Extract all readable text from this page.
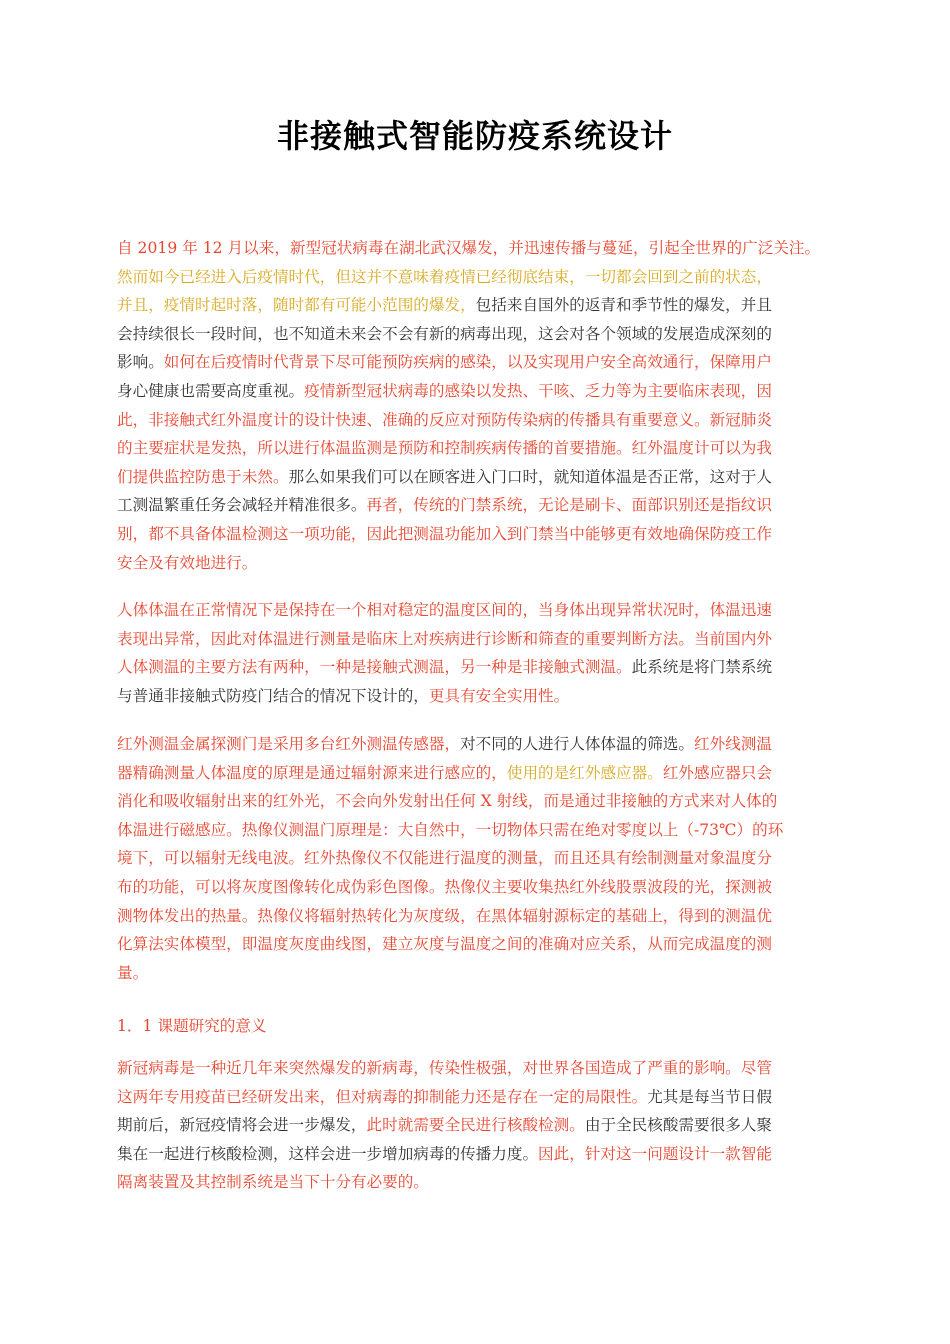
非接触式智能防疫系统设计
自 2019 年 12 月以来，新型冠状病毒在湖北武汉爆发，并迅速传播与蔓延，引起全世界的广泛关注。
然而如今已经进入后疫情时代，但这并不意味着疫情已经彻底结束，一切都会回到之前的状态，
并且，疫情时起时落，随时都有可能小范围的爆发，包括来自国外的返青和季节性的爆发，并且
会持续很长一段时间，也不知道未来会不会有新的病毒出现，这会对各个领域的发展造成深刻的
影响。如何在后疫情时代背景下尽可能预防疾病的感染，以及实现用户安全高效通行，保障用户
身心健康也需要高度重视。疫情新型冠状病毒的感染以发热、干咳、乏力等为主要临床表现，因
此，非接触式红外温度计的设计快速、准确的反应对预防传染病的传播具有重要意义。新冠肺炎
的主要症状是发热，所以进行体温监测是预防和控制疾病传播的首要措施。红外温度计可以为我
们提供监控防患于未然。那么如果我们可以在顾客进入门口时，就知道体温是否正常，这对于人
工测温繁重任务会减轻并精准很多。再者，传统的门禁系统，无论是刷卡、面部识别还是指纹识
别，都不具备体温检测这一项功能，因此把测温功能加入到门禁当中能够更有效地确保防疫工作
安全及有效地进行。
人体体温在正常情况下是保持在一个相对稳定的温度区间的，当身体出现异常状况时，体温迅速
表现出异常，因此对体温进行测量是临床上对疾病进行诊断和筛查的重要判断方法。当前国内外
人体测温的主要方法有两种，一种是接触式测温，另一种是非接触式测温。此系统是将门禁系统
与普通非接触式防疫门结合的情况下设计的，更具有安全实用性。
红外测温金属探测门是采用多台红外测温传感器，对不同的人进行人体体温的筛选。红外线测温
器精确测量人体温度的原理是通过辐射源来进行感应的，使用的是红外感应器。红外感应器只会
消化和吸收辐射出来的红外光，不会向外发射出任何 X 射线，而是通过非接触的方式来对人体的
体温进行磁感应。热像仪测温门原理是：大自然中，一切物体只需在绝对零度以上（-73℃）的环
境下，可以辐射无线电波。红外热像仪不仅能进行温度的测量，而且还具有绘制测量对象温度分
布的功能，可以将灰度图像转化成伪彩色图像。热像仪主要收集热红外线股票波段的光，探测被
测物体发出的热量。热像仪将辐射热转化为灰度级，在黑体辐射源标定的基础上，得到的测温优
化算法实体模型，即温度灰度曲线图，建立灰度与温度之间的准确对应关系，从而完成温度的测
量。
1．1 课题研究的意义
新冠病毒是一种近几年来突然爆发的新病毒，传染性极强，对世界各国造成了严重的影响。尽管
这两年专用疫苗已经研发出来，但对病毒的抑制能力还是存在一定的局限性。尤其是每当节日假
期前后，新冠疫情将会进一步爆发，此时就需要全民进行核酸检测。由于全民核酸需要很多人聚
集在一起进行核酸检测，这样会进一步增加病毒的传播力度。因此，针对这一问题设计一款智能
隔离装置及其控制系统是当下十分有必要的。
